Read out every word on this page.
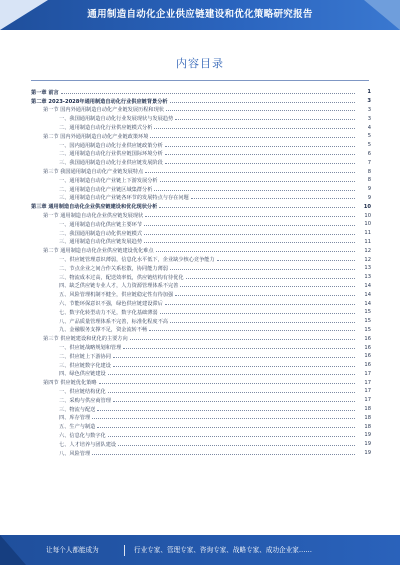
通用制造自动化企业供应链建设和优化策略研究报告
内容目录
第一章 前言	1
第二章 2023-2028年通用制造自动化行业供应链背景分析	3
第一节 国内外通用制造自动化产业链发展历程和现状	3
一、我国通用制造自动化行业发展现状与发展趋势	3
二、通用制造自动化行业供应链模式分析	4
第二节 国内外通用制造自动化产业链政策环境	5
一、国内通用制造自动化行业供应链政策分析	5
二、通用制造自动化行业供应链国际环境分析	6
三、我国通用制造自动化行业供应链发展阶段	7
第三节 我国通用制造自动化产业链发展特点	8
一、通用制造自动化产业链上下游发展分析	8
二、通用制造自动化产业链区域集群分析	9
三、通用制造自动化产业链各环节的发展特点与存在问题	9
第三章 通用制造自动化企业供应链建设和优化现状分析	10
第一节 通用制造自动化企业供应链发展现状	10
一、通用制造自动化供应链主要环节	10
二、我国通用制造自动化供应链模式	11
三、通用制造自动化供应链发展趋势	11
第二节 通用制造自动化企业供应链建设优化难点	12
一、供应链管理意识薄弱，信息化水平低下，企业缺少核心竞争能力	12
二、节点企业之间合作关系松散，协同能力薄弱	13
三、物流成本过高，配送效率低，供应链结构有待优化	13
四、缺乏供应链专业人才，人力资源管理体系不完善	14
五、风险管理机制不健全，供应链稳定性有待加强	14
六、节能环保意识不强，绿色供应链建设滞后	14
七、数字化转型动力不足，数字化基础薄弱	15
八、产品质量管理体系不完善，标准化程度不高	15
九、金融服务支撑不足，资金流转不畅	15
第三节 供应链建设和优化的主要方向	16
一、供应链战略规划和管理	16
二、供应链上下游协同	16
三、供应链数字化建设	16
四、绿色供应链建设	17
第四节 供应链优化策略	17
一、供应链结构优化	17
二、采购与供应商管理	17
三、物流与配送	18
四、库存管理	18
五、生产与制造	18
六、信息化与数字化	19
七、人才培养与团队建设	19
八、风险管理	19
让每个人都能成为	行业专家、管理专家、咨询专家、战略专家、成功企业家……
